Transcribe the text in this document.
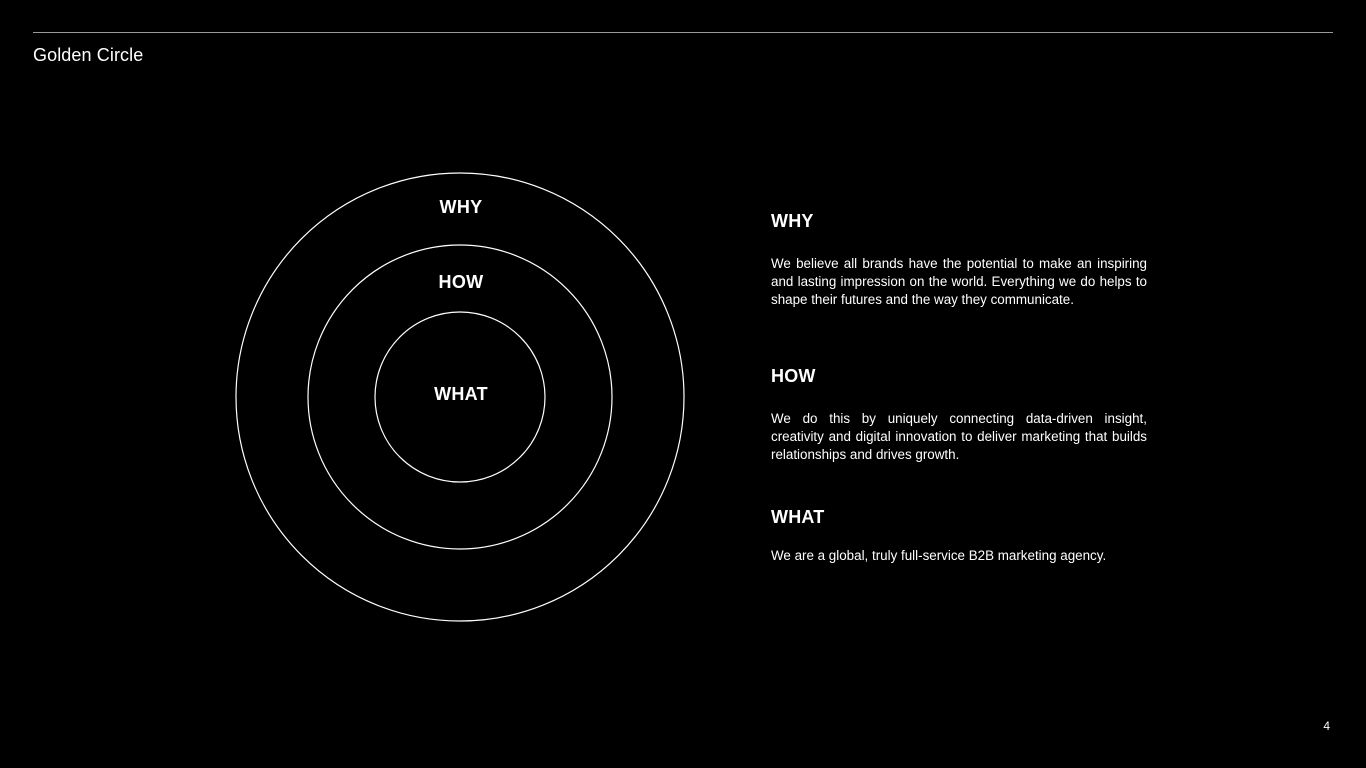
Golden Circle
WHY
HOW
WHAT
WHY

We believe all brands have the potential to make an inspiring and lasting impression on the world. Everything we do helps to shape their futures and the way they communicate.

HOW

We do this by uniquely connecting data-driven insight, creativity and digital innovation to deliver marketing that builds relationships and drives growth.

WHAT

We are a global, truly full-service B2B marketing agency.

4
